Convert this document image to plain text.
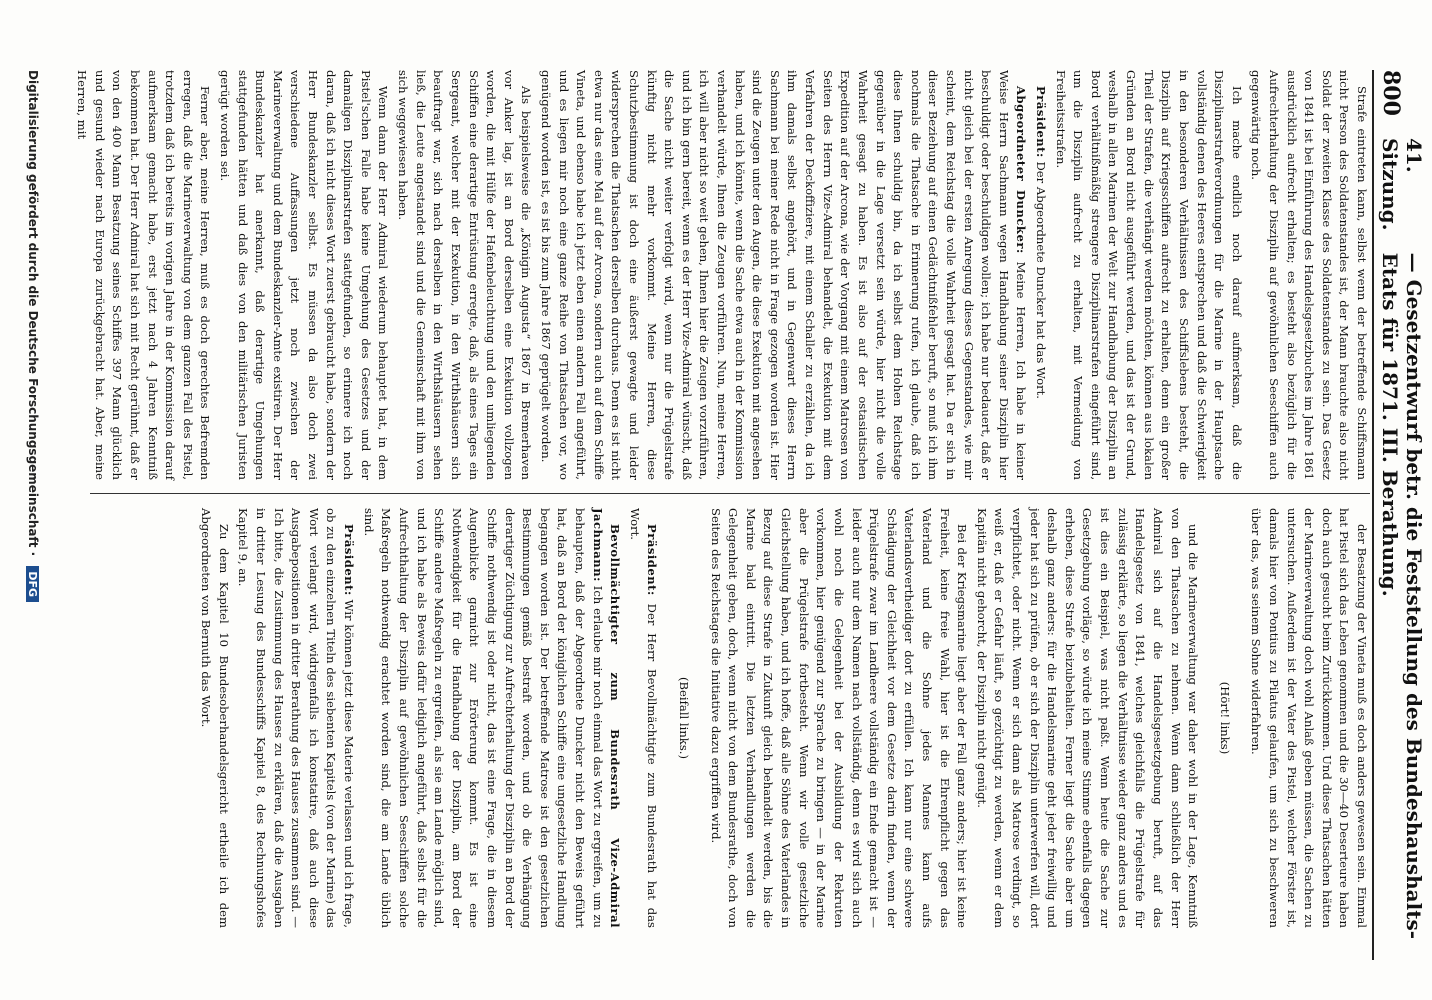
800
41. Sitzung.
— Gesetzentwurf betr. die Feststellung des Bundeshaushalts-Etats für 1871. III. Berathung.

Strafe eintreten kann, selbst wenn der betreffende Schiffsmann nicht Person des Soldatenstandes ist, der Mann brauchte also nicht Soldat der zweiten Klasse des Soldatenstandes zu sein. Das Gesetz von 1841 ist bei Einführung des Handelsgesetzbuches im Jahre 1861 ausdrücklich aufrecht erhalten; es besteht also bezüglich für die Aufrechterhaltung der Disziplin auf gewöhnlichen Seeschiffen auch gegenwärtig noch.

Ich mache endlich noch darauf aufmerksam, daß die Disziplinarstrafverordnungen für die Marine in der Hauptsache vollständig denen des Heeres entsprechen und daß die Schwierigkeit in den besonderen Verhältnissen des Schiffslebens besteht, die Disziplin auf Kriegsschiffen aufrecht zu erhalten, denn ein großer Theil der Strafen, die verhängt werden möchten, können aus lokalen Gründen an Bord nicht ausgeführt werden, und das ist der Grund, weshalb in allen Marinen der Welt zur Handhabung der Disziplin an Bord verhältnißmäßig strengere Disziplinarstrafen eingeführt sind, um die Disziplin aufrecht zu erhalten, mit Vermeidung von Freiheitsstrafen.

Präsident: Der Abgeordnete Duncker hat das Wort.

Abgeordneter Duncker: Meine Herren, Ich habe in keiner Weise Herrn Sachmann wegen Handhabung seiner Disziplin hier beschuldigt oder beschuldigen wollen; ich habe nur bedauert, daß er nicht gleich bei der ersten Anregung dieses Gegenstandes, wie mir scheint, dem Reichstag die volle Wahrheit gesagt hat. Da er sich in dieser Beziehung auf einen Gedächtnißfehler beruft, so muß ich ihm nochmals die Thatsache in Erinnerung rufen, ich glaube, daß ich diese Ihnen schuldig bin, da ich selbst dem Hohen Reichstage gegenüber in die Lage versetzt sein würde, hier nicht die volle Wahrheit gesagt zu haben. Es ist also auf der ostasiatischen Expedition auf der Arcona, wie der Vorgang mit einem Matrosen von Seiten des Herrn Vize-Admiral behandelt, die Exekution mit dem Verfahren der Deckoffiziere, mit einem Schaller zu erzählen, da ich ihm damals selbst angehört, und in Gegenwart dieses Herrn Sachmann bei meiner Rede nicht in Frage gezogen worden ist. Hier sind die Zeugen unter den Augen, die diese Exekution mit angesehen haben, und ich könnte, wenn die Sache etwa auch in der Kommission verhandelt würde, Ihnen die Zeugen vorführen. Nun, meine Herren, ich will aber nicht so weit gehen, Ihnen hier die Zeugen vorzuführen, und ich bin gern bereit, wenn es der Herr Vize-Admiral wünscht, daß die Sache nicht weiter verfolgt wird, wenn nur die Prügelstrafe künftig nicht mehr vorkommt. Meine Herren, diese Schutzbestimmung ist doch eine äußerst gewagte und leider widersprechen die Thatsachen derselben durchaus. Denn es ist nicht etwa nur das eine Mal auf der Arcona, sondern auch auf dem Schiffe Vineta, und ebenso habe ich jetzt eben einen andern Fall angeführt, und es liegen mir noch eine ganze Reihe von Thatsachen vor, wo genügend worden ist, es ist bis zum Jahre 1867 geprügelt worden.

Als beispielsweise die „Königin Augusta“ 1867 in Bremerhaven vor Anker lag, ist an Bord derselben eine Exekution vollzogen worden, die mit Hülfe der Hafenbeleuchtung und den umliegenden Schiffen eine derartige Entrüstung erregte, daß, als eines Tages ein Sergeant, welcher mit der Exekution, in den Wirthshäusern sich beauftragt war, sich nach derselben in den Wirthshäusern sehen ließ, die Leute angestandet sind und die Gemeinschaft mit ihm von sich weggewiesen haben.

Wenn dann der Herr Admiral wiederum behauptet hat, in dem Pistel'schen Falle habe keine Umgehung des Gesetzes und der damaligen Disziplinarstrafen stattgefunden, so erinnere ich noch daran, daß ich nicht dieses Wort zuerst gebraucht habe, sondern der Herr Bundeskanzler selbst. Es müssen da also doch zwei verschiedene Auffassungen jetzt noch zwischen der Marineverwaltung und dem Bundeskanzler-Amte existiren. Der Herr Bundeskanzler hat anerkannt, daß derartige Umgehungen stattgefunden hätten und daß dies von den militärischen Juristen gerügt worden sei.

Ferner aber, meine Herren, muß es doch gerechtes Befremden erregen, daß die Marineverwaltung von dem ganzen Fall des Pistel, trotzdem daß ich bereits im vorigen Jahre in der Kommission darauf aufmerksam gemacht habe, erst jetzt nach 4 Jahren Kenntniß bekommen hat. Der Herr Admiral hat sich mit Recht gerühmt, daß er von den 400 Mann Besatzung seines Schiffes 397 Mann glücklich und gesund wieder nach Europa zurückgebracht hat. Aber, meine Herren, mit

der Besatzung der Vineta muß es doch anders gewesen sein. Einmal hat Pistel sich das Leben genommen und die 30—40 Deserteure haben doch auch gesucht beim Zurückkommen. Und diese Thatsachen hätten der Marineverwaltung doch wohl Anlaß geben müssen, die Sachen zu untersuchen. Außerdem ist der Vater des Pistel, welcher Förster ist, damals hier von Pontius zu Pilatus gelaufen, um sich zu beschweren über das, was seinem Sohne widerfahren.

(Hört! links)

und die Marineverwaltung war daher wohl in der Lage, Kenntniß von den Thatsachen zu nehmen. Wenn dann schließlich der Herr Admiral sich auf die Handelsgesetzgebung beruft, auf das Handelsgesetz von 1841, welches gleichfalls die Prügelstrafe für zulässig erklärte, so liegen die Verhältnisse wieder ganz anders und es ist dies ein Beispiel, was nicht paßt. Wenn heute die Sache zur Gesetzgebung vorläge, so würde ich meine Stimme ebenfalls dagegen erheben, diese Strafe beizubehalten. Ferner liegt die Sache aber um deshalb ganz anders: für die Handelsmarine geht jeder freiwillig und jeder hat sich zu prüfen, ob er sich der Disziplin unterwerfen will, dort verpflichtet, oder nicht. Wenn er sich dann als Matrose verdingt, so weiß er, daß er Gefahr läuft, so gezüchtigt zu werden, wenn er dem Kapitän nicht gehorcht, der Disziplin nicht genügt.

Bei der Kriegsmarine liegt aber der Fall ganz anders; hier ist keine Freiheit, keine freie Wahl, hier ist die Ehrenpflicht gegen das Vaterland und die Sohne jedes Mannes kann aufs Vaterlandsvertheidiger dort zu erfüllen. Ich kann nur eine schwere Schädigung der Gleichheit vor dem Gesetze darin finden, wenn der Prügelstrafe zwar im Landheere vollständig ein Ende gemacht ist — leider auch nur dem Namen nach vollständig, denn es wird sich auch wohl noch die Gelegenheit bei der Ausbildung der Rekruten vorkommen, hier genügend zur Sprache zu bringen — in der Marine aber die Prügelstrafe fortbesteht. Wenn wir volle gesetzliche Gleichstellung haben, und ich hoffe, daß alle Söhne des Vaterlandes in Bezug auf diese Strafe in Zukunft gleich behandelt werden, bis die Marine bald eintritt. Die letzten Verhandlungen werden die Gelegenheit geben, doch, wenn nicht von dem Bundesrathe, doch von Seiten des Reichstages die Initiative dazu ergriffen wird.

(Beifall links.)

Präsident: Der Herr Bevollmächtigte zum Bundesrath hat das Wort.

Bevollmächtigter zum Bundesrath Vize-Admiral Jachmann: Ich erlaube mir noch einmal das Wort zu ergreifen, um zu behaupten, daß der Abgeordnete Duncker nicht den Beweis geführt hat, daß an Bord der königlichen Schiffe eine ungesetzliche Handlung begangen worden ist. Der betreffende Matrose ist den gesetzlichen Bestimmungen gemäß bestraft worden, und ob die Verhängung derartiger Züchtigung zur Aufrechterhaltung der Disziplin an Bord der Schiffe nothwendig ist oder nicht, das ist eine Frage, die in diesem Augenblicke garnicht zur Erörterung kommt. Es ist eine Nothwendigkeit für die Handhabung der Disziplin, am Bord der Schiffe andere Maßregeln zu ergreifen, als sie am Lande möglich sind, und ich habe als Beweis dafür lediglich angeführt, daß selbst für die Aufrechthaltung der Disziplin auf gewöhnlichen Seeschiffen solche Maßregeln nothwendig erachtet worden sind, die am Lande üblich sind.

Präsident: Wir können jetzt diese Materie verlassen und ich frage, ob zu den einzelnen Titeln des siebenten Kapitels (von der Marine) das Wort verlangt wird, widrigenfalls ich konstatire, daß auch diese Ausgabepositionen in dritter Berathung des Hauses zusammen sind. — Ich bitte, die Zustimmung des Hauses zu erklären, daß die Ausgaben in dritter Lesung des Bundesschiffs Kapitel 8, des Rechnungshofes Kapitel 9, an.

Zu dem Kapitel 10 Bundesoberhandelsgericht ertheile ich dem Abgeordneten von Bernuth das Wort.

Digitalisierung gefördert durch die Deutsche Forschungsgemeinschaft · DFG
